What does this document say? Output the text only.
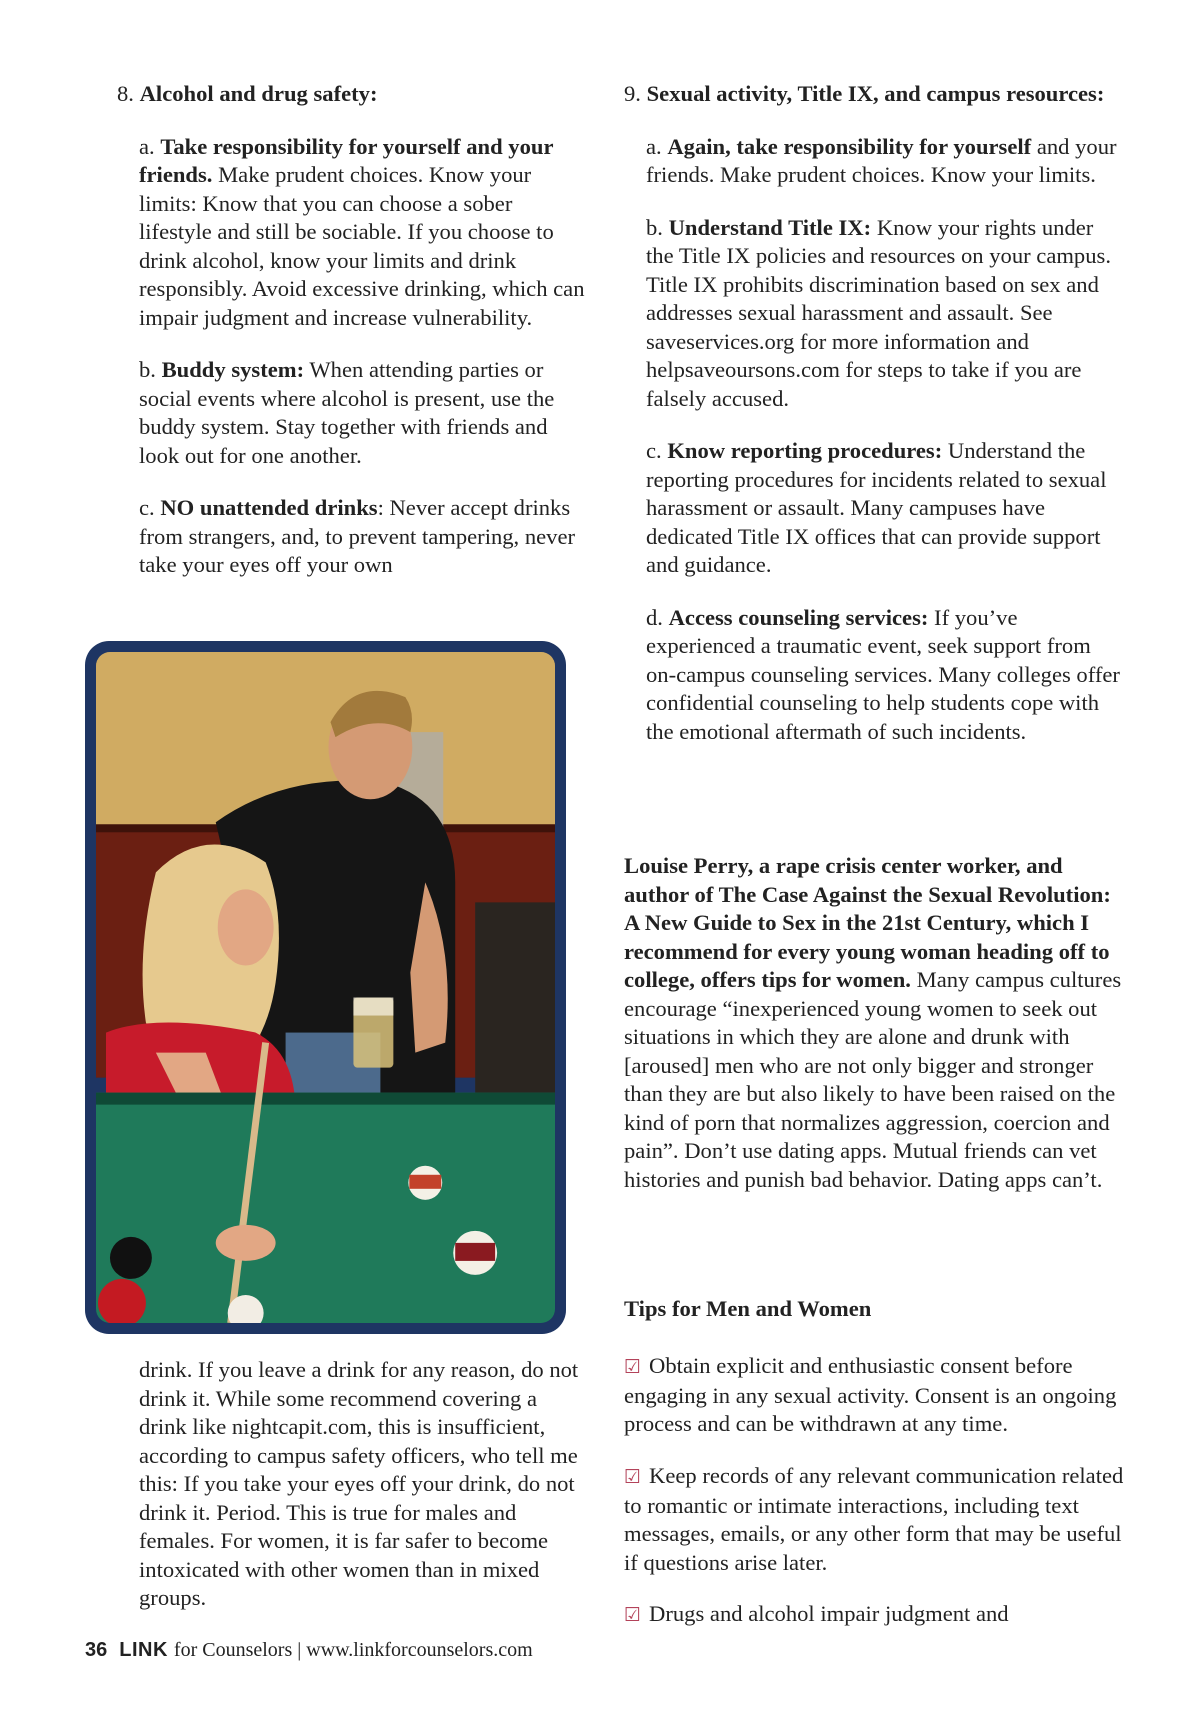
8. Alcohol and drug safety:

a. Take responsibility for yourself and your friends. Make prudent choices. Know your limits: Know that you can choose a sober lifestyle and still be sociable. If you choose to drink alcohol, know your limits and drink responsibly. Avoid excessive drinking, which can impair judgment and increase vulnerability.

b. Buddy system: When attending parties or social events where alcohol is present, use the buddy system. Stay together with friends and look out for one another.

c. NO unattended drinks: Never accept drinks from strangers, and, to prevent tampering, never take your eyes off your own

drink. If you leave a drink for any reason, do not drink it. While some recommend covering a drink like nightcapit.com, this is insufficient, according to campus safety officers, who tell me this: If you take your eyes off your drink, do not drink it. Period. This is true for males and females. For women, it is far safer to become intoxicated with other women than in mixed groups.

9. Sexual activity, Title IX, and campus resources:

a. Again, take responsibility for yourself and your friends. Make prudent choices. Know your limits.

b. Understand Title IX: Know your rights under the Title IX policies and resources on your campus. Title IX prohibits discrimination based on sex and addresses sexual harassment and assault. See saveservices.org for more information and helpsaveoursons.com for steps to take if you are falsely accused.

c. Know reporting procedures: Understand the reporting procedures for incidents related to sexual harassment or assault. Many campuses have dedicated Title IX offices that can provide support and guidance.

d. Access counseling services: If you’ve experienced a traumatic event, seek support from on-campus counseling services. Many colleges offer confidential counseling to help students cope with the emotional aftermath of such incidents.

Louise Perry, a rape crisis center worker, and author of The Case Against the Sexual Revolution: A New Guide to Sex in the 21st Century, which I recommend for every young woman heading off to college, offers tips for women. Many campus cultures encourage “inexperienced young women to seek out situations in which they are alone and drunk with [aroused] men who are not only bigger and stronger than they are but also likely to have been raised on the kind of porn that normalizes aggression, coercion and pain”. Don’t use dating apps. Mutual friends can vet histories and punish bad behavior. Dating apps can’t.

Tips for Men and Women

☑ Obtain explicit and enthusiastic consent before engaging in any sexual activity. Consent is an ongoing process and can be withdrawn at any time.

☑ Keep records of any relevant communication related to romantic or intimate interactions, including text messages, emails, or any other form that may be useful if questions arise later.

☑ Drugs and alcohol impair judgment and

36 LINK for Counselors | www.linkforcounselors.com
